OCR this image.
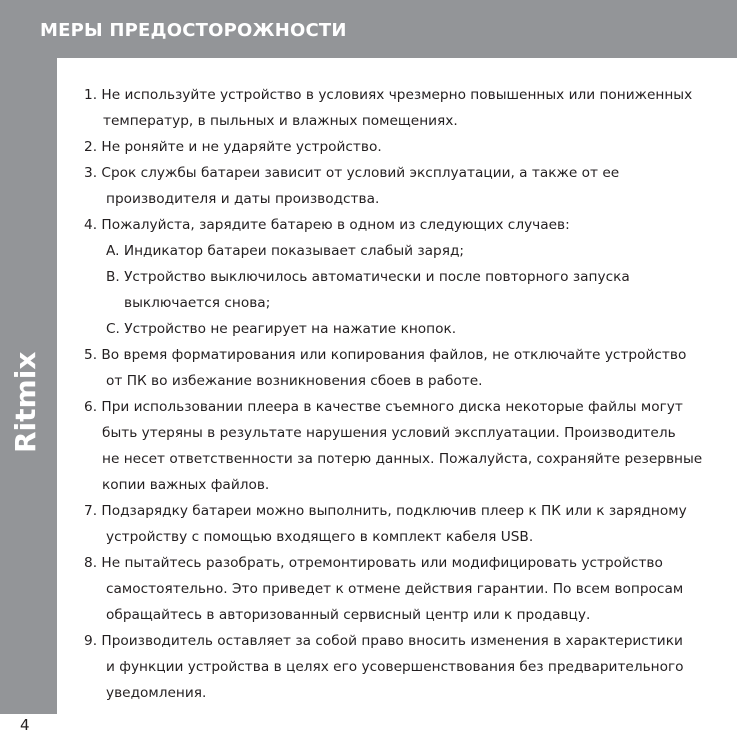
МЕРЫ ПРЕДОСТОРОЖНОСТИ
Ritmix
4
1. Не используйте устройство в условиях чрезмерно повышенных или пониженных
температур, в пыльных и влажных помещениях.
2. Не роняйте и не ударяйте устройство.
3. Срок службы батареи зависит от условий эксплуатации, а также от ее
производителя и даты производства.
4. Пожалуйста, зарядите батарею в одном из следующих случаев:
A. Индикатор батареи показывает слабый заряд;
B. Устройство выключилось автоматически и после повторного запуска
выключается снова;
C. Устройство не реагирует на нажатие кнопок.
5. Во время форматирования или копирования файлов, не отключайте устройство
от ПК во избежание возникновения сбоев в работе.
6. При использовании плеера в качестве съемного диска некоторые файлы могут
быть утеряны в результате нарушения условий эксплуатации. Производитель
не несет ответственности за потерю данных. Пожалуйста, сохраняйте резервные
копии важных файлов.
7. Подзарядку батареи можно выполнить, подключив плеер к ПК или к зарядному
устройству с помощью входящего в комплект кабеля USB.
8. Не пытайтесь разобрать, отремонтировать или модифицировать устройство
самостоятельно. Это приведет к отмене действия гарантии. По всем вопросам
обращайтесь в авторизованный сервисный центр или к продавцу.
9. Производитель оставляет за собой право вносить изменения в характеристики
и функции устройства в целях его усовершенствования без предварительного
уведомления.
